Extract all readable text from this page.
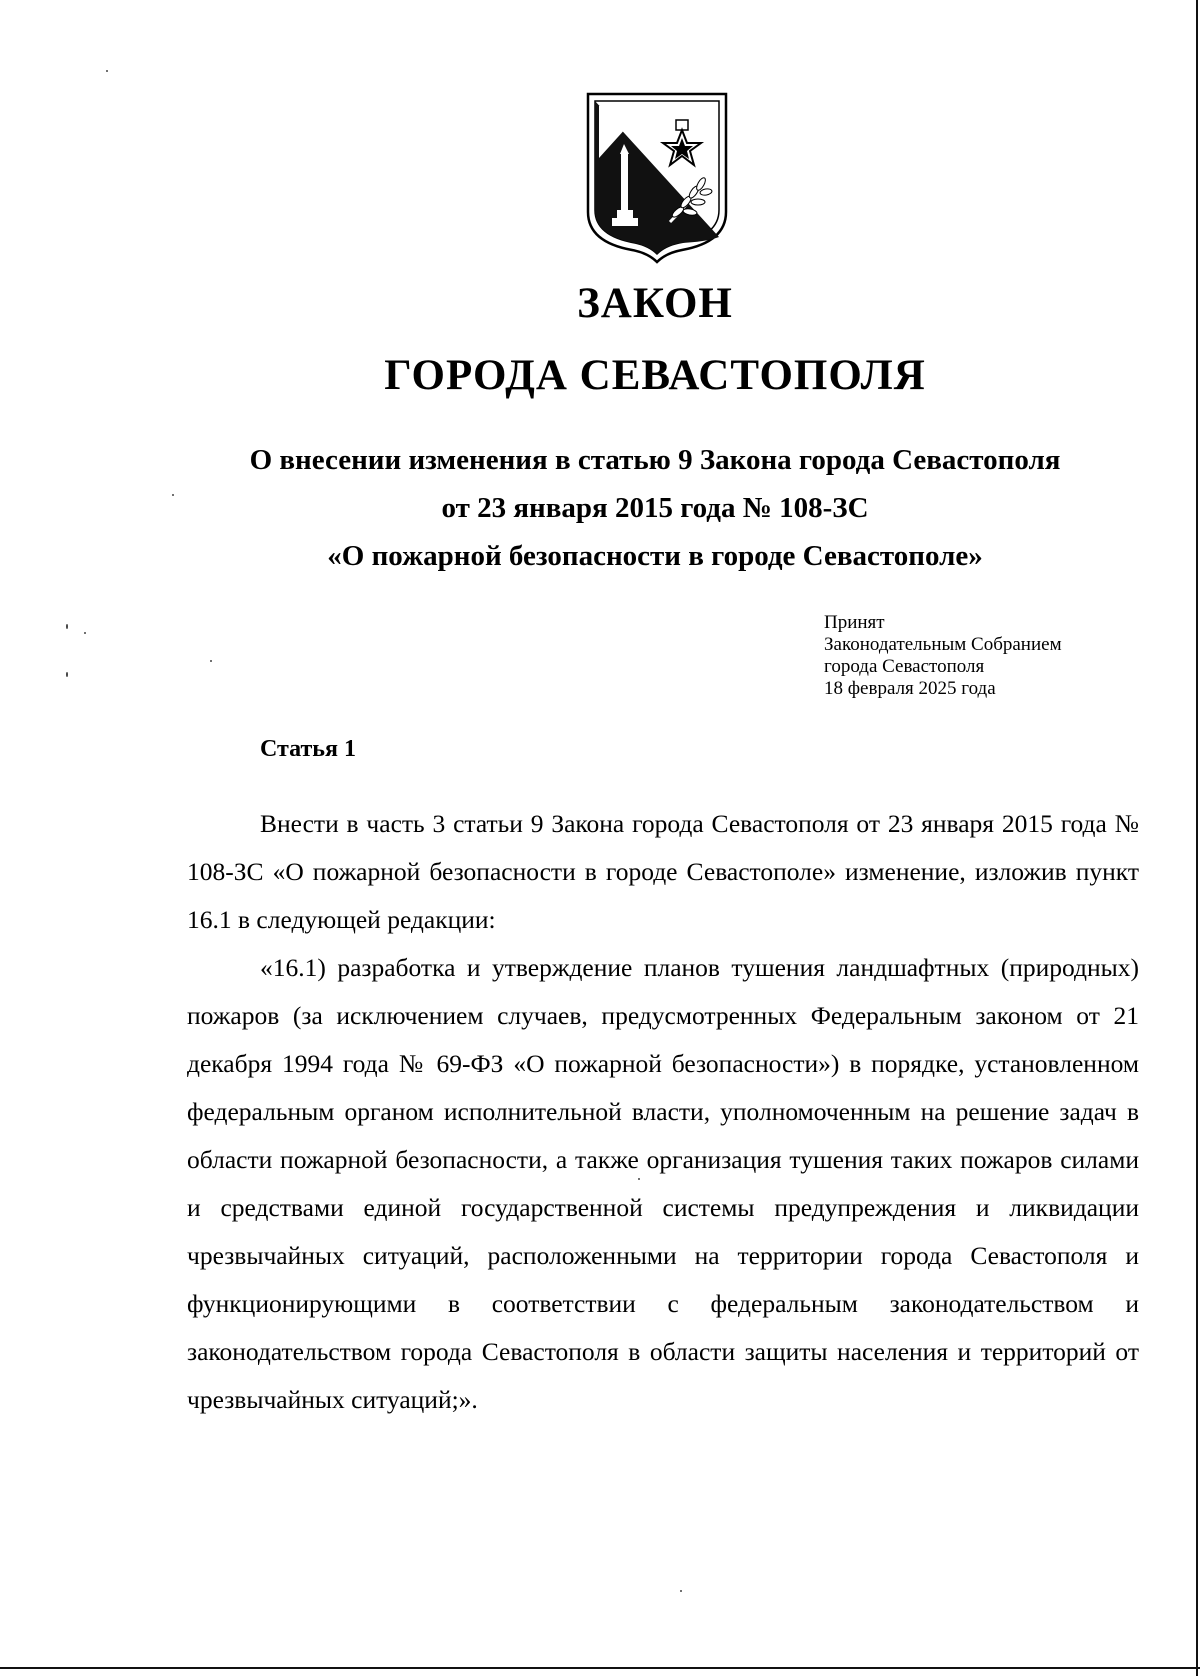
ЗАКОН
ГОРОДА СЕВАСТОПОЛЯ
О внесении изменения в статью 9 Закона города Севастополя
от 23 января 2015 года № 108-ЗС
«О пожарной безопасности в городе Севастополе»
Принят
Законодательным Собранием
города Севастополя
18 февраля 2025 года
Статья 1

Внести в часть 3 статьи 9 Закона города Севастополя от 23 января 2015 года № 108-ЗС «О пожарной безопасности в городе Севастополе» изменение, изложив пункт 16.1 в следующей редакции:

«16.1) разработка и утверждение планов тушения ландшафтных (природных) пожаров (за исключением случаев, предусмотренных Федеральным законом от 21 декабря 1994 года № 69-ФЗ «О пожарной безопасности») в порядке, установленном федеральным органом исполнительной власти, уполномоченным на решение задач в области пожарной безопасности, а также организация тушения таких пожаров силами и средствами единой государственной системы предупреждения и ликвидации чрезвычайных ситуаций, расположенными на территории города Севастополя и функционирующими в соответствии с федеральным законодательством и законодательством города Севастополя в области защиты населения и территорий от чрезвычайных ситуаций;».
